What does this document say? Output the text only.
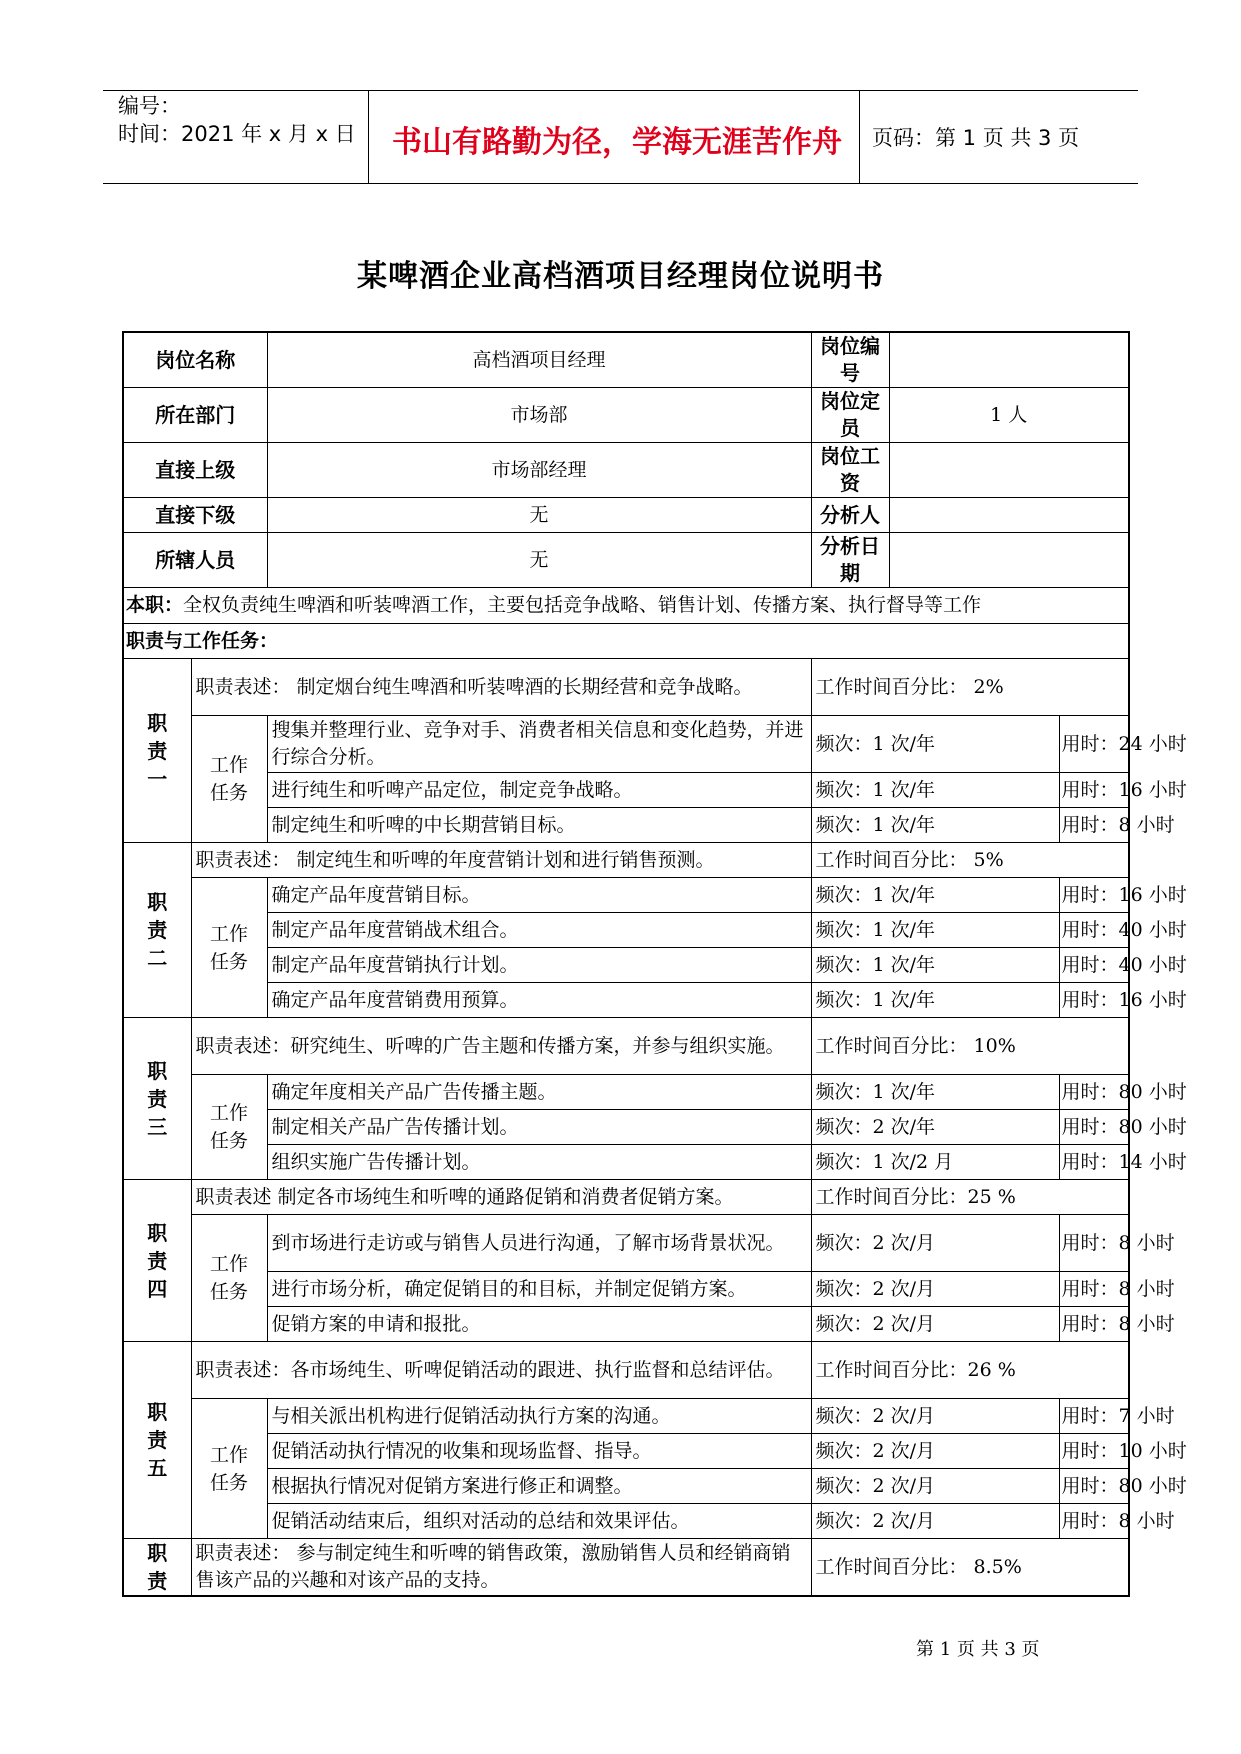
编号：
时间：2021 年 x 月 x 日	书山有路勤为径，学海无涯苦作舟	页码：第 1 页 共 3 页
某啤酒企业高档酒项目经理岗位说明书
岗位名称		高档酒项目经理	岗位编号		
所在部门		市场部	岗位定员	1 人	
直接上级		市场部经理	岗位工资		
直接下级		无	分析人		
所辖人员		无	分析日期		
本职：全权负责纯生啤酒和听装啤酒工作，主要包括竞争战略、销售计划、传播方案、执行督导等工作					
职责与工作任务：					

职
责
一	职责表述： 制定烟台纯生啤酒和听装啤酒的长期经营和竞争战略。		工作时间百分比： 2%		

	工作
任务	搜集并整理行业、竞争对手、消费者相关信息和变化趋势，并进行综合分析。	频次：1 次/年		用时：24 小时
		进行纯生和听啤产品定位，制定竞争战略。	频次：1 次/年		用时：16 小时
		制定纯生和听啤的中长期营销目标。	频次：1 次/年		用时：8 小时

职
责
二	职责表述： 制定纯生和听啤的年度营销计划和进行销售预测。		工作时间百分比： 5%		

	工作
任务	确定产品年度营销目标。	频次：1 次/年		用时：16 小时
		制定产品年度营销战术组合。	频次：1 次/年		用时：40 小时
		制定产品年度营销执行计划。	频次：1 次/年		用时：40 小时
		确定产品年度营销费用预算。	频次：1 次/年		用时：16 小时

职
责
三	职责表述：研究纯生、听啤的广告主题和传播方案，并参与组织实施。		工作时间百分比： 10%		

	工作
任务	确定年度相关产品广告传播主题。	频次：1 次/年		用时：80 小时
		制定相关产品广告传播计划。	频次：2 次/年		用时：80 小时
		组织实施广告传播计划。	频次：1 次/2 月		用时：14 小时

职
责
四	职责表述 制定各市场纯生和听啤的通路促销和消费者促销方案。		工作时间百分比：25 %		

	工作
任务	到市场进行走访或与销售人员进行沟通，了解市场背景状况。	频次：2 次/月		用时：8 小时
		进行市场分析，确定促销目的和目标，并制定促销方案。	频次：2 次/月		用时：8 小时
		促销方案的申请和报批。	频次：2 次/月		用时：8 小时

职
责
五	职责表述：各市场纯生、听啤促销活动的跟进、执行监督和总结评估。		工作时间百分比：26 %		

	工作
任务	与相关派出机构进行促销活动执行方案的沟通。	频次：2 次/月		用时：7 小时
		促销活动执行情况的收集和现场监督、指导。	频次：2 次/月		用时：10 小时
		根据执行情况对促销方案进行修正和调整。	频次：2 次/月		用时：80 小时
		促销活动结束后，组织对活动的总结和效果评估。	频次：2 次/月		用时：8 小时

职
责	职责表述： 参与制定纯生和听啤的销售政策，激励销售人员和经销商销售该产品的兴趣和对该产品的支持。		工作时间百分比： 8.5%		
第 1 页 共 3 页
